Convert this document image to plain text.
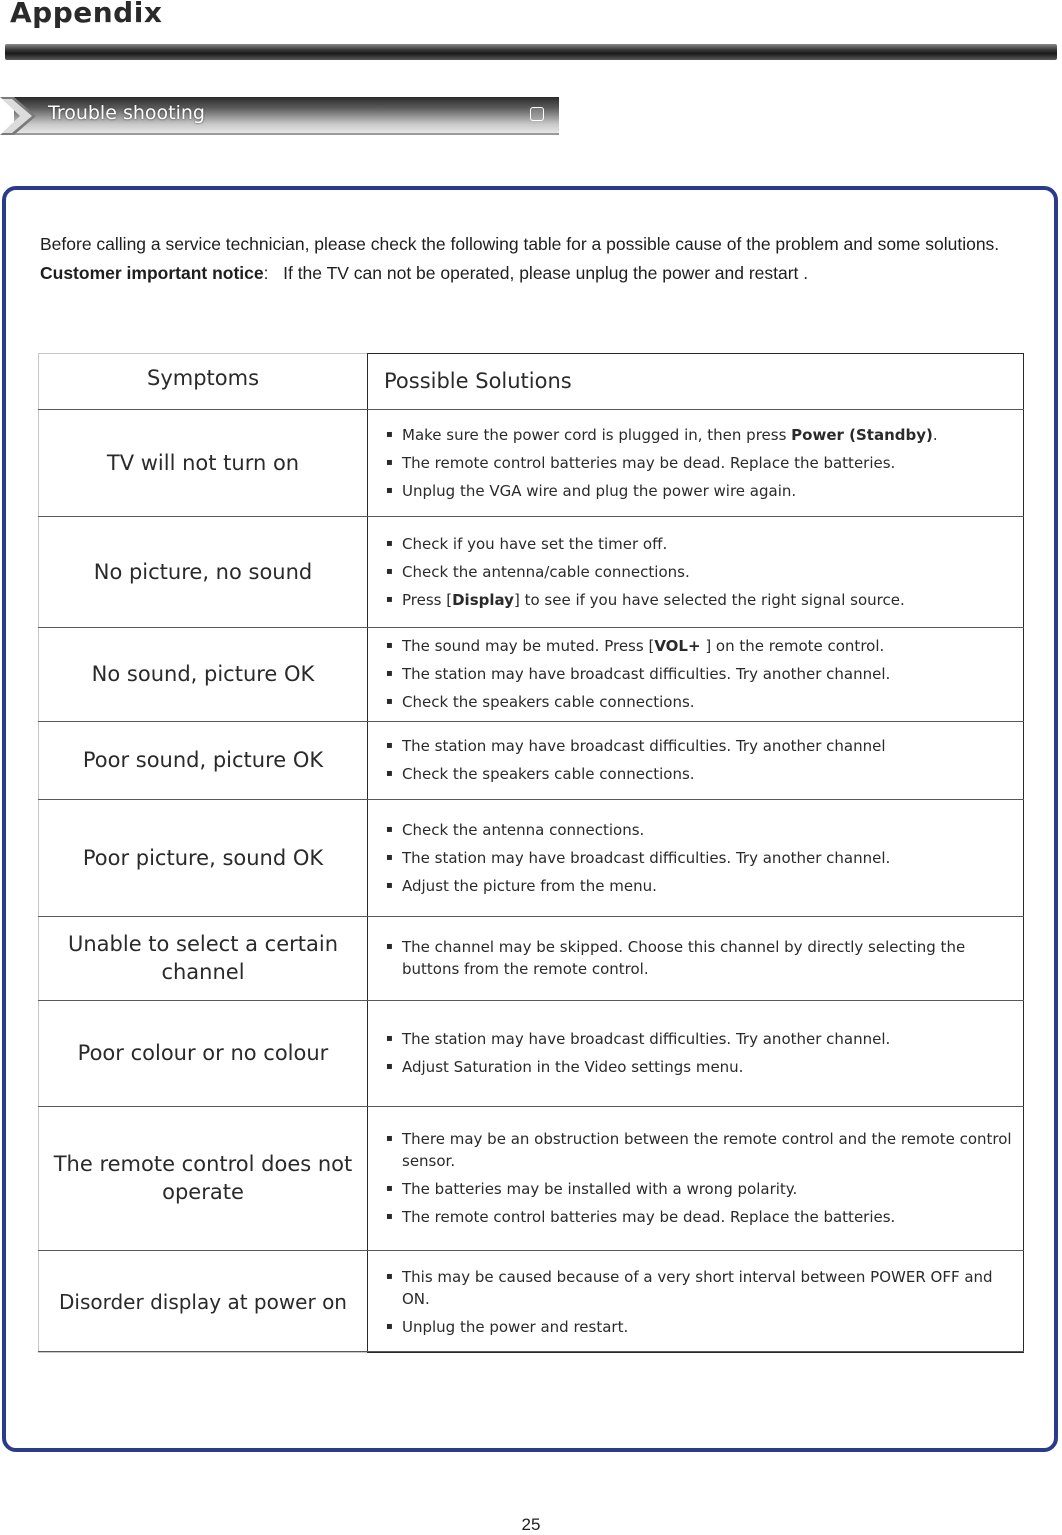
Appendix
Trouble shooting
Before calling a service technician, please check the following table for a possible cause of the problem and some solutions.
Customer important notice: If the TV can not be operated, please unplug the power and restart .
Symptoms	Possible Solutions
TV will not turn on
▪ Make sure the power cord is plugged in, then press Power (Standby).
▪ The remote control batteries may be dead. Replace the batteries.
▪ Unplug the VGA wire and plug the power wire again.
No picture, no sound
▪ Check if you have set the timer off.
▪ Check the antenna/cable connections.
▪ Press [Display] to see if you have selected the right signal source.
No sound, picture OK
▪ The sound may be muted. Press [VOL+ ] on the remote control.
▪ The station may have broadcast difficulties. Try another channel.
▪ Check the speakers cable connections.
Poor sound, picture OK
▪ The station may have broadcast difficulties. Try another channel
▪ Check the speakers cable connections.
Poor picture, sound OK
▪ Check the antenna connections.
▪ The station may have broadcast difficulties. Try another channel.
▪ Adjust the picture from the menu.
Unable to select a certain channel
▪ The channel may be skipped. Choose this channel by directly selecting the buttons from the remote control.
Poor colour or no colour
▪ The station may have broadcast difficulties. Try another channel.
▪ Adjust Saturation in the Video settings menu.
The remote control does not operate
▪ There may be an obstruction between the remote control and the remote control sensor.
▪ The batteries may be installed with a wrong polarity.
▪ The remote control batteries may be dead. Replace the batteries.
Disorder display at power on
▪ This may be caused because of a very short interval between POWER OFF and ON.
▪ Unplug the power and restart.
25
